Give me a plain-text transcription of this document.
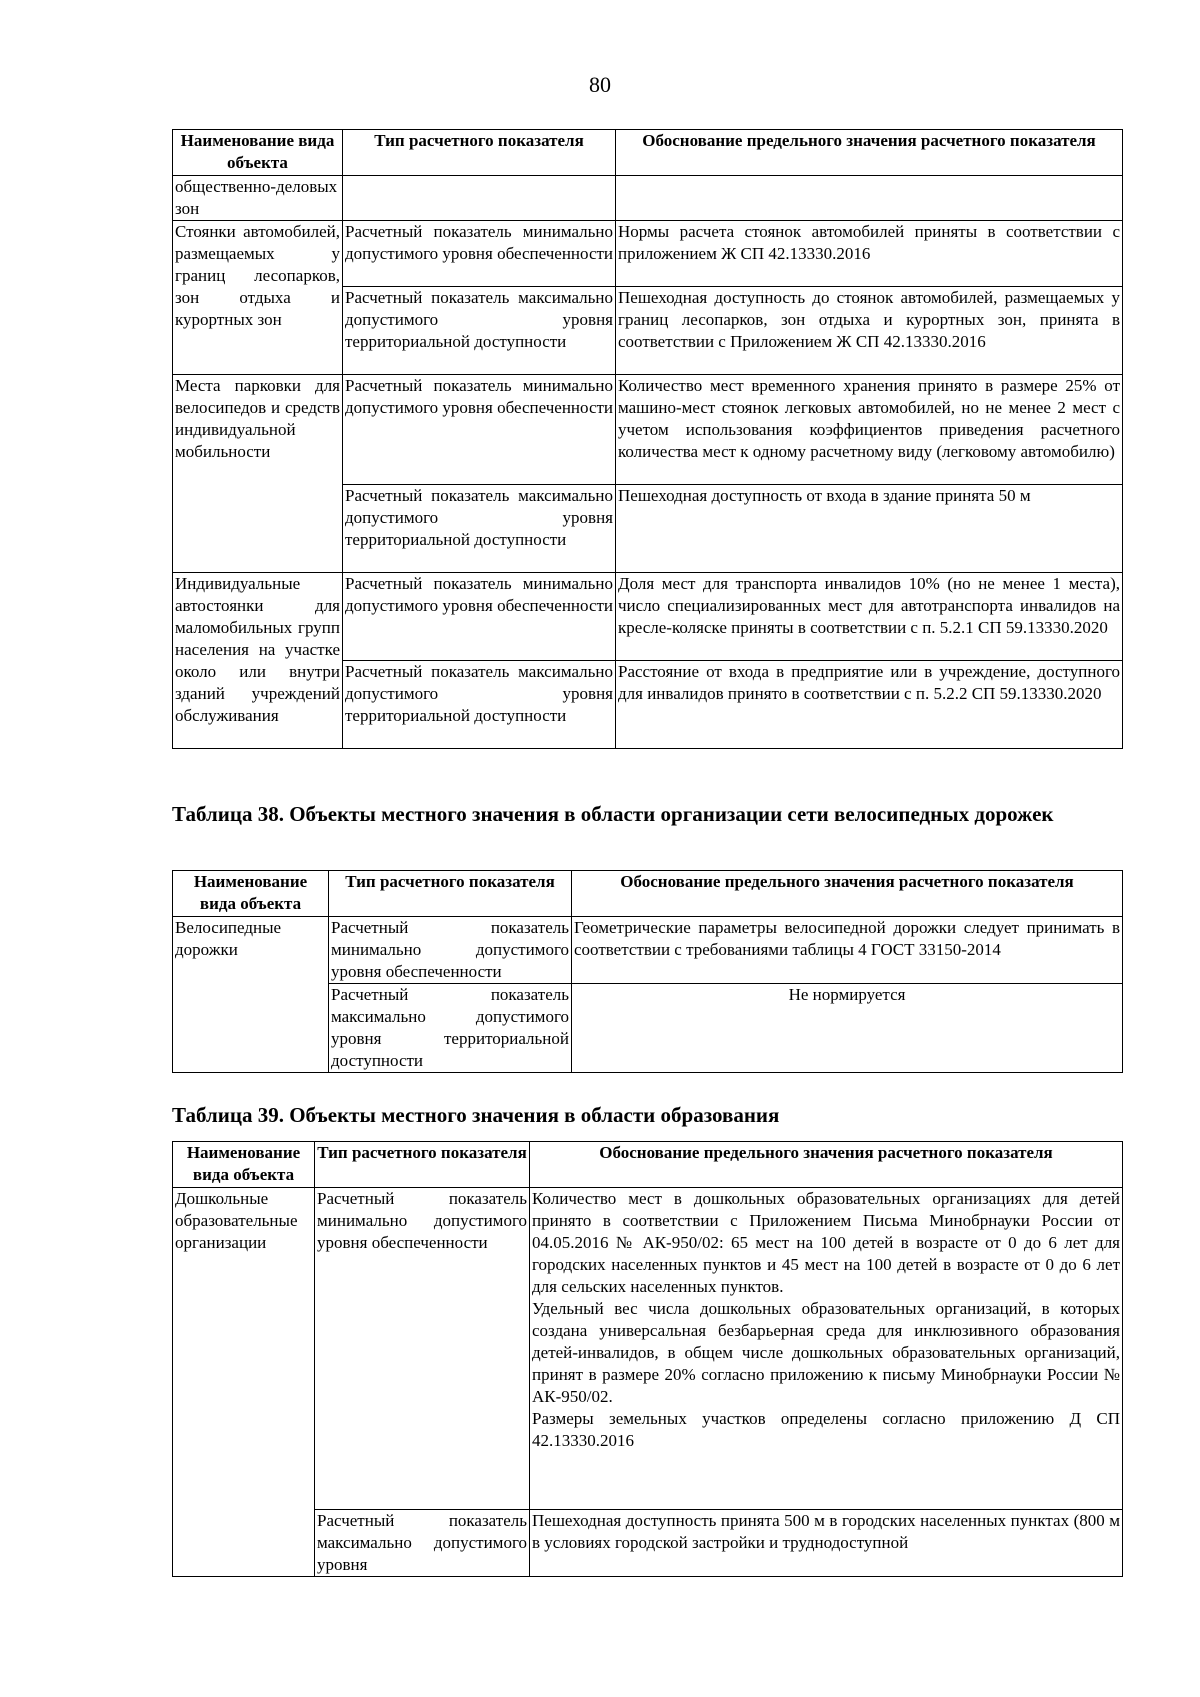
80
Наименование вида объекта	Тип расчетного показателя	Обоснование предельного значения расчетного показателя
общественно-деловых зон		
Стоянки автомобилей, размещаемых у границ лесопарков, зон отдыха и курортных зон	Расчетный показатель минимально допустимого уровня обеспеченности	Нормы расчета стоянок автомобилей приняты в соответствии с приложением Ж СП 42.13330.2016
	Расчетный показатель максимально допустимого уровня территориальной доступности	Пешеходная доступность до стоянок автомобилей, размещаемых у границ лесопарков, зон отдыха и курортных зон, принята в соответствии с Приложением Ж СП 42.13330.2016
Места парковки для велосипедов и средств индивидуальной мобильности	Расчетный показатель минимально допустимого уровня обеспеченности	Количество мест временного хранения принято в размере 25% от машино-мест стоянок легковых автомобилей, но не менее 2 мест с учетом использования коэффициентов приведения расчетного количества мест к одному расчетному виду (легковому автомобилю)
	Расчетный показатель максимально допустимого уровня территориальной доступности	Пешеходная доступность от входа в здание принята 50 м
Индивидуальные автостоянки для маломобильных групп населения на участке около или внутри зданий учреждений обслуживания	Расчетный показатель минимально допустимого уровня обеспеченности	Доля мест для транспорта инвалидов 10% (но не менее 1 места), число специализированных мест для автотранспорта инвалидов на кресле-коляске приняты в соответствии с п. 5.2.1 СП 59.13330.2020
	Расчетный показатель максимально допустимого уровня территориальной доступности	Расстояние от входа в предприятие или в учреждение, доступного для инвалидов принято в соответствии с п. 5.2.2 СП 59.13330.2020
Таблица 38. Объекты местного значения в области организации сети велосипедных дорожек
Наименование вида объекта	Тип расчетного показателя	Обоснование предельного значения расчетного показателя
Велосипедные дорожки	Расчетный показатель минимально допустимого уровня обеспеченности	Геометрические параметры велосипедной дорожки следует принимать в соответствии с требованиями таблицы 4 ГОСТ 33150-2014
	Расчетный показатель максимально допустимого уровня территориальной доступности	Не нормируется
Таблица 39. Объекты местного значения в области образования
Наименование вида объекта	Тип расчетного показателя	Обоснование предельного значения расчетного показателя
Дошкольные образовательные организации	Расчетный показатель минимально допустимого уровня обеспеченности	Количество мест в дошкольных образовательных организациях для детей принято в соответствии с Приложением Письма Минобрнауки России от 04.05.2016 № АК-950/02: 65 мест на 100 детей в возрасте от 0 до 6 лет для городских населенных пунктов и 45 мест на 100 детей в возрасте от 0 до 6 лет для сельских населенных пунктов.
Удельный вес числа дошкольных образовательных организаций, в которых создана универсальная безбарьерная среда для инклюзивного образования детей-инвалидов, в общем числе дошкольных образовательных организаций, принят в размере 20% согласно приложению к письму Минобрнауки России № АК-950/02.
Размеры земельных участков определены согласно приложению Д СП 42.13330.2016

	Расчетный показатель максимально допустимого уровня	Пешеходная доступность принята 500 м в городских населенных пунктах (800 м в условиях городской застройки и труднодоступной
